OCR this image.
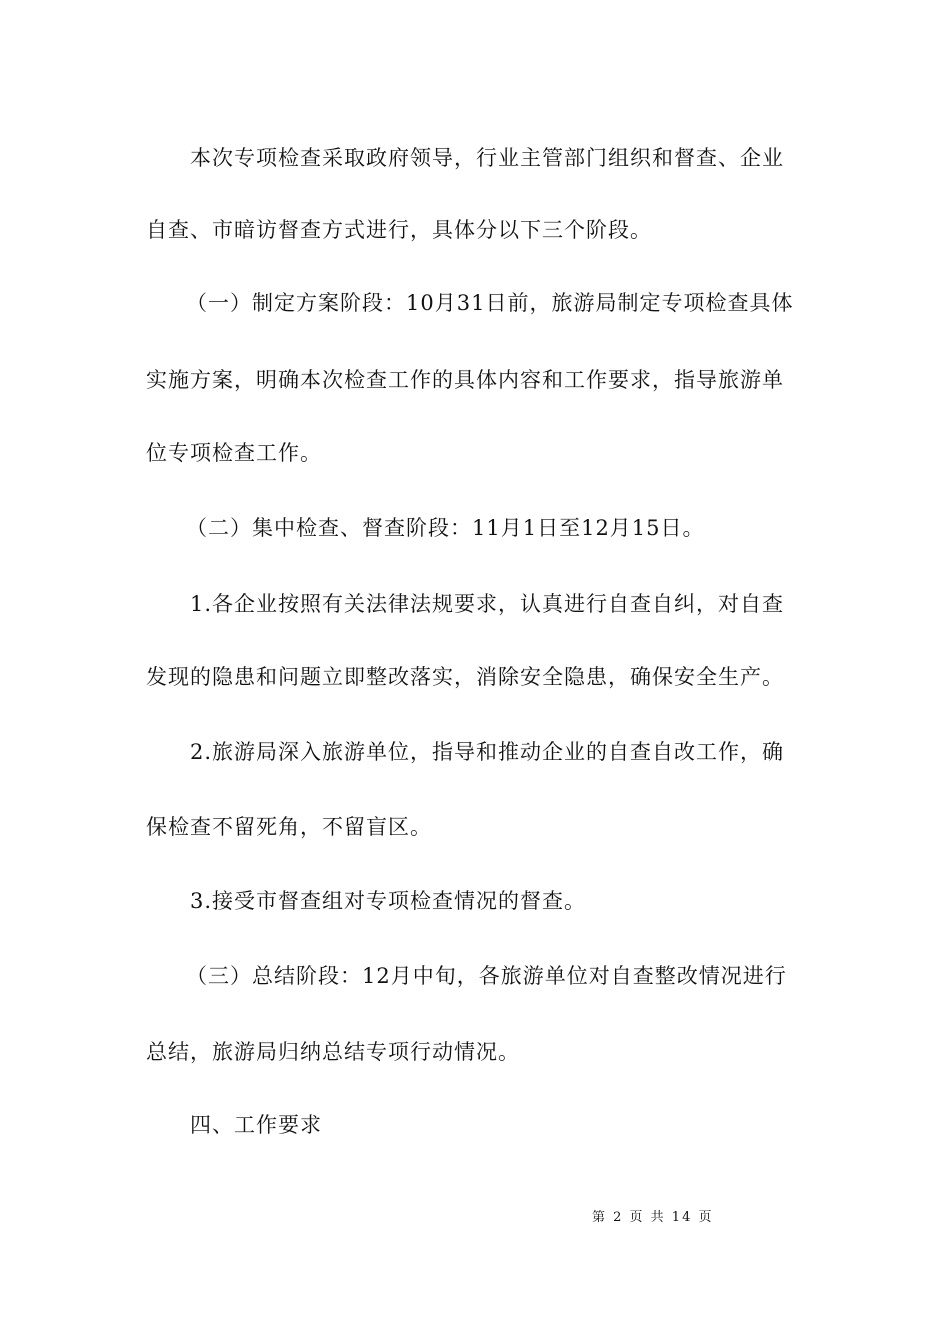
本次专项检查采取政府领导，行业主管部门组织和督查、企业
自查、市暗访督查方式进行，具体分以下三个阶段。
（一）制定方案阶段：10月31日前，旅游局制定专项检查具体
实施方案，明确本次检查工作的具体内容和工作要求，指导旅游单
位专项检查工作。
（二）集中检查、督查阶段：11月1日至12月15日。
1.各企业按照有关法律法规要求，认真进行自查自纠，对自查
发现的隐患和问题立即整改落实，消除安全隐患，确保安全生产。
2.旅游局深入旅游单位，指导和推动企业的自查自改工作，确
保检查不留死角，不留盲区。
3.接受市督查组对专项检查情况的督查。
（三）总结阶段：12月中旬，各旅游单位对自查整改情况进行
总结，旅游局归纳总结专项行动情况。
四、工作要求
第 2 页 共 14 页
